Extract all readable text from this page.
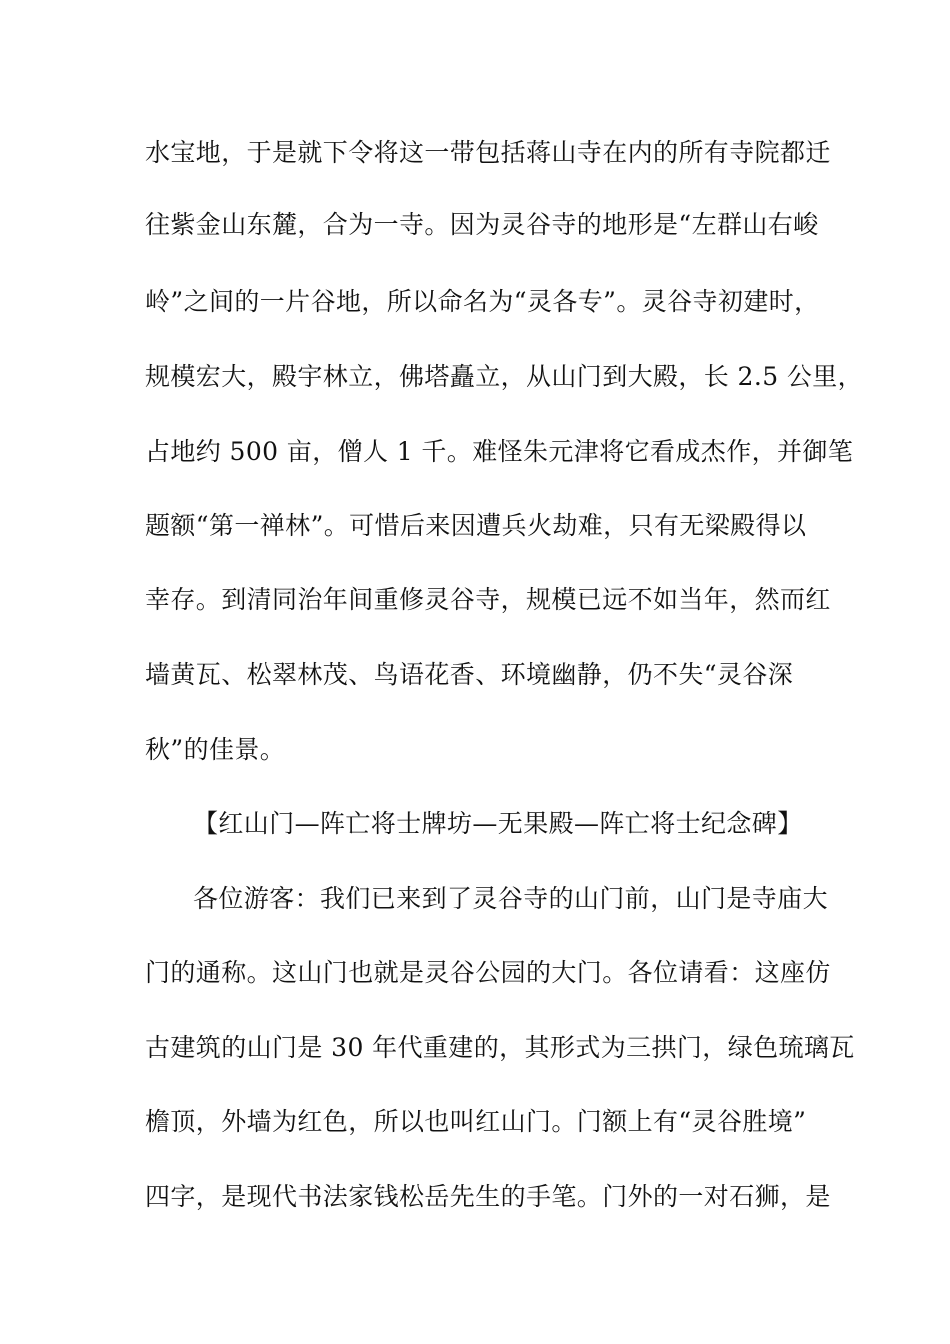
水宝地，于是就下令将这一带包括蒋山寺在内的所有寺院都迁
往紫金山东麓，合为一寺。因为灵谷寺的地形是“左群山右峻
岭”之间的一片谷地，所以命名为“灵各专”。灵谷寺初建时，
规模宏大，殿宇林立，佛塔矗立，从山门到大殿，长 2.5 公里，
占地约 500 亩，僧人 1 千。难怪朱元津将它看成杰作，并御笔
题额“第一禅林”。可惜后来因遭兵火劫难，只有无梁殿得以
幸存。到清同治年间重修灵谷寺，规模已远不如当年，然而红
墙黄瓦、松翠林茂、鸟语花香、环境幽静，仍不失“灵谷深
秋”的佳景。
【红山门—阵亡将士牌坊—无果殿—阵亡将士纪念碑】
各位游客：我们已来到了灵谷寺的山门前，山门是寺庙大
门的通称。这山门也就是灵谷公园的大门。各位请看：这座仿
古建筑的山门是 30 年代重建的，其形式为三拱门，绿色琉璃瓦
檐顶，外墙为红色，所以也叫红山门。门额上有“灵谷胜境”
四字，是现代书法家钱松岳先生的手笔。门外的一对石狮，是
